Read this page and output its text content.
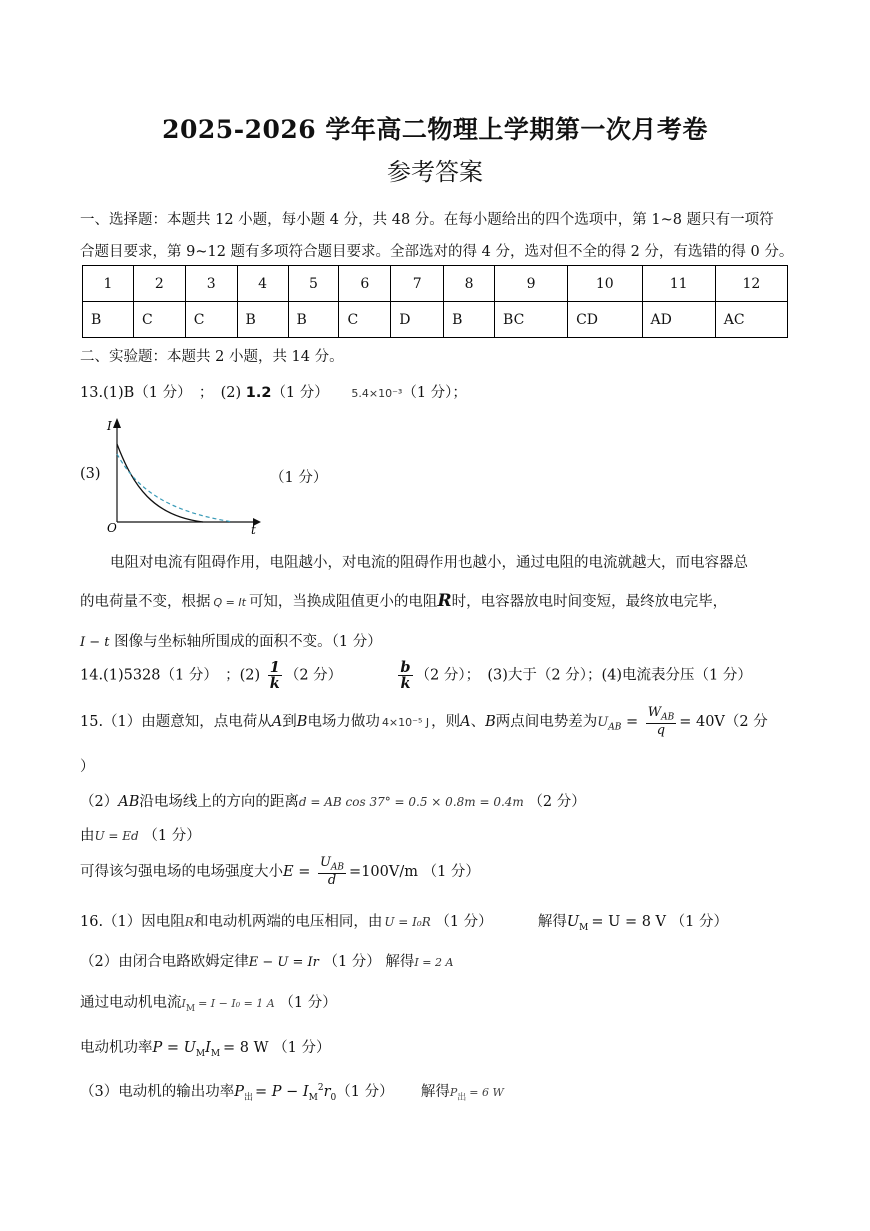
2025-2026 学年高二物理上学期第一次月考卷
参考答案
一、选择题：本题共 12 小题，每小题 4 分，共 48 分。在每小题给出的四个选项中，第 1~8 题只有一项符
合题目要求，第 9~12 题有多项符合题目要求。全部选对的得 4 分，选对但不全的得 2 分，有选错的得 0 分。
1	2	3	4	5	6	7	8	9	10	11	12
B	C	C	B	B	C	D	B	BC	CD	AD	AC
二、实验题：本题共 2 小题，共 14 分。
13.(1)B（1 分）　；　(2) 1.2（1 分） 5.4×10⁻³（1 分）；
(3)
I
t
O
（1 分）
电阻对电流有阻碍作用，电阻越小，对电流的阻碍作用也越小，通过电阻的电流就越大，而电容器总
的电荷量不变，根据 Q = It 可知，当换成阻值更小的电阻R时，电容器放电时间变短，最终放电完毕，
I − t 图像与坐标轴所围成的面积不变。（1 分）
14.(1)5328（1 分）　；$(2) \frac{1}{k} (2$ 分）	$\frac{b}{k} (2$ 分）；　(3)大于（2 分）；(4)电流表分压（1 分）
15.（1）由题意知，点电荷从A到B电场力做功 4×10⁻⁵ J ，则A、B两点间电势差为$U_{AB} = \frac{W_{AB}}{q} = 40V(2$ 分
）
（2）AB沿电场线上的方向的距离d = AB cos 37° = 0.5 × 0.8m = 0.4m （2 分）
由U = Ed （1 分）
可得该匀强电场的电场强度大小$E = \frac{U_{AB}}{d} =100V/m$ （1 分）
16.（1）因电阻R和电动机两端的电压相同，由 U = I₀R （1 分）	解得$U_M = U = 8$ V （1 分）
（2）由闭合电路欧姆定律E − U = Ir （1 分） 解得I = 2 A
通过电动机电流$I_M = I - I_0 = 1$ A （1 分）
电动机功率$P = U_MI_M = 8$ W （1 分）
（3）电动机的输出功率$P_出 = P - I_M^2r_0(1$ 分） 解得$P_出 = 6$ W
